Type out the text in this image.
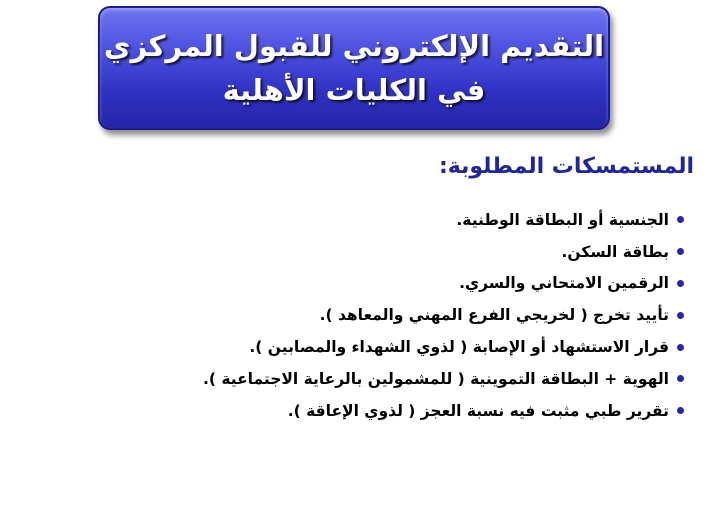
التقديم الإلكتروني للقبول المركزي
في الكليات الأهلية
المستمسكات المطلوبة:
الجنسية أو البطاقة الوطنية.
بطاقة السكن.
الرقمين الامتحاني والسري.
تأييد تخرج ( لخريجي الفرع المهني والمعاهد ).
قرار الاستشهاد أو الإصابة ( لذوي الشهداء والمصابين ).
الهوية + البطاقة التموينية ( للمشمولين بالرعاية الاجتماعية ).
تقرير طبي مثبت فيه نسبة العجز ( لذوي الإعاقة ).
